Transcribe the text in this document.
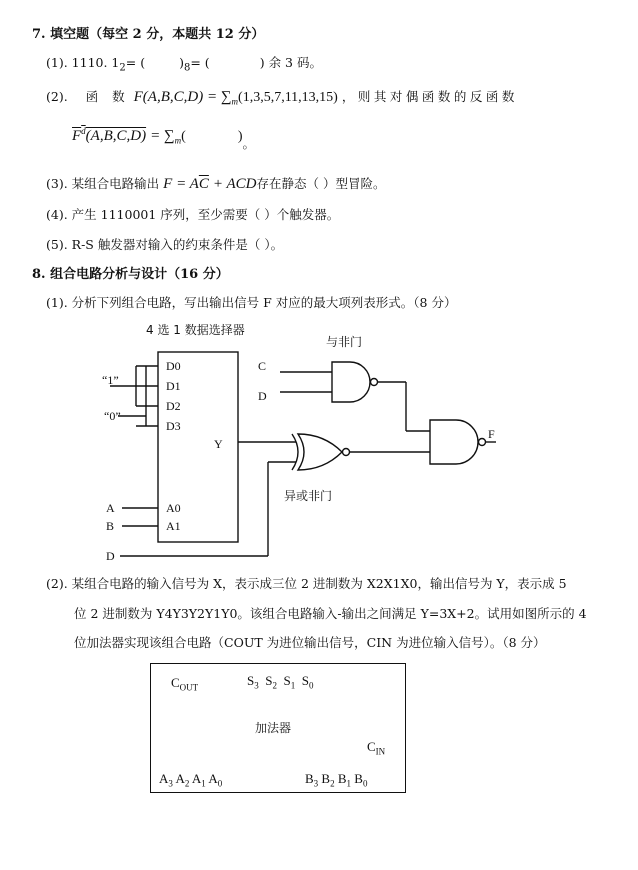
7. 填空题（每空 2 分，本题共 12 分）
(1). 1110. $1_2=$ (	)$_8=$ (	) 余 3 码。
(2). 函 数 $F(A,B,C,D) = \sum_m(1,3,5,7,11,13,15)$ ，则其对偶函数的反函数
$F^d(A,B,C,D) = \sum_m$(	)。
(3). 某组合电路输出 $F = A\overline{C}$ + ACD存在静态（ ）型冒险。
(4). 产生 1110001 序列，至少需要（ ）个触发器。
(5). R-S 触发器对输入的约束条件是（ ）。
8. 组合电路分析与设计（16 分）
(1). 分析下列组合电路，写出输出信号 F 对应的最大项列表形式。（8 分）
D0
D1
D2
D3
Y
A0
A1
“1”
“0”
A
B
D
C
D
F
4 选 1 数据选择器
与非门
异或非门
(2). 某组合电路的输入信号为 X，表示成三位 2 进制数为 X2X1X0，输出信号为 Y，表示成 5
位 2 进制数为 Y4Y3Y2Y1Y0。该组合电路输入-输出之间满足 Y=3X+2。试用如图所示的 4
位加法器实现该组合电路（COUT 为进位输出信号，CIN 为进位输入信号）。（8 分）
$C_{OUT}$	$S_3$ $S_2$ $S_1$ $S_0$
加法器
$C_{IN}$
$A_3$ $A_2$ $A_1$ $A_0$	$B_3$ $B_2$ $B_1$ $B_0$
